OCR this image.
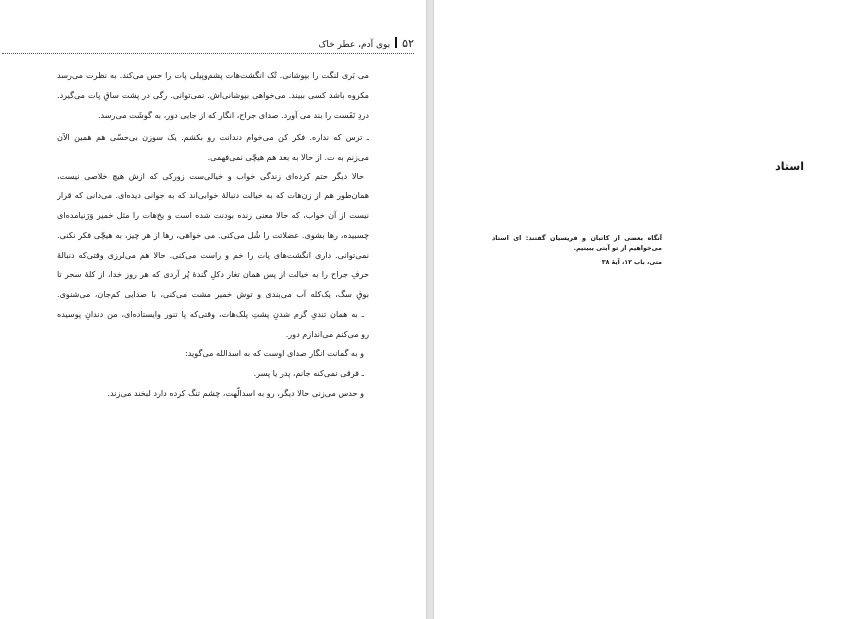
۵۲بوی آدم، عطر خاک
می بَری لنگت را بپوشانی. تُک انگشت‌هات پشم‌وپیلی پات را حس می‌کند. به نظرت می‌رسد
مکروه باشد کسی ببیند. می‌خواهی بپوشانی‌اش. نمی‌توانی. رگی در پشت ساقِ پات می‌گیرد.
دردِ نَفَست را بند می آورد. صدای جراح، انگار که از جایی دور، به گوشَت می‌رسد.
ـ ترس که نداره. فکر کن می‌خوام دندانت رو بکشم. یک سوزن بی‌حسّی هم همین الآن
می‌زنم به ت. از حالا به بعد هم هیچّی نمی‌فهمی.
حالا دیگر حتم کرده‌ای زندگی خواب و خیالی‌ست زورکی که ازش هیچ خلاصی نیست،
همان‌طور هم از زن‌هات که به خیالت دنبالهٔ خوابی‌اند که به جوانی دیده‌ای. می‌دانی که قرار
نیست از آن خواب، که حالا معنی زنده بودنت شده است و یخ‌هات را مثل خمیر وَرَنیامده‌ای
چسبیده، رها بشوی. عضلاتت را شُل می‌کنی. می خواهی، رها از هر چیز، به هیچّی فکر نکنی.
نمی‌توانی. داری انگشت‌های پات را خم و راست می‌کنی. حالا هم می‌لرزی وقتی‌که دنبالهٔ
حرفِ جراح را به خیالت از پس همان تغار دکلِ گندهٔ پُر آردی که هر روز خدا، از کلهٔ سحر تا
بوقِ سگ، یک‌کله آب می‌بندی و توش خمیر مشت می‌کنی، با صدایی کم‌جان، می‌شنوی.
ـ به همان تندیِ گرم شدنِ پشتِ پلک‌هات، وقتی‌که پا تنور وایستاده‌ای، من دندانِ پوسیده
رو می‌کنم می‌اندازم دور.
و به گمانت انگار صدای اوست که به اسدالله می‌گوید:
ـ فرقی نمی‌کنه جانم، پدر یا پسر.
و حدس می‌زنی حالا دیگر، رو به اسدالّهت، چشم تنگ کرده دارد لبخند می‌زند.
استاد
آنگاه بعضی از کاتبان و فریسیان گفتند: ای استاد
می‌خواهیم از تو آیتی ببینیم.
متی، باب ۱۲، آیهٔ ۳۸
